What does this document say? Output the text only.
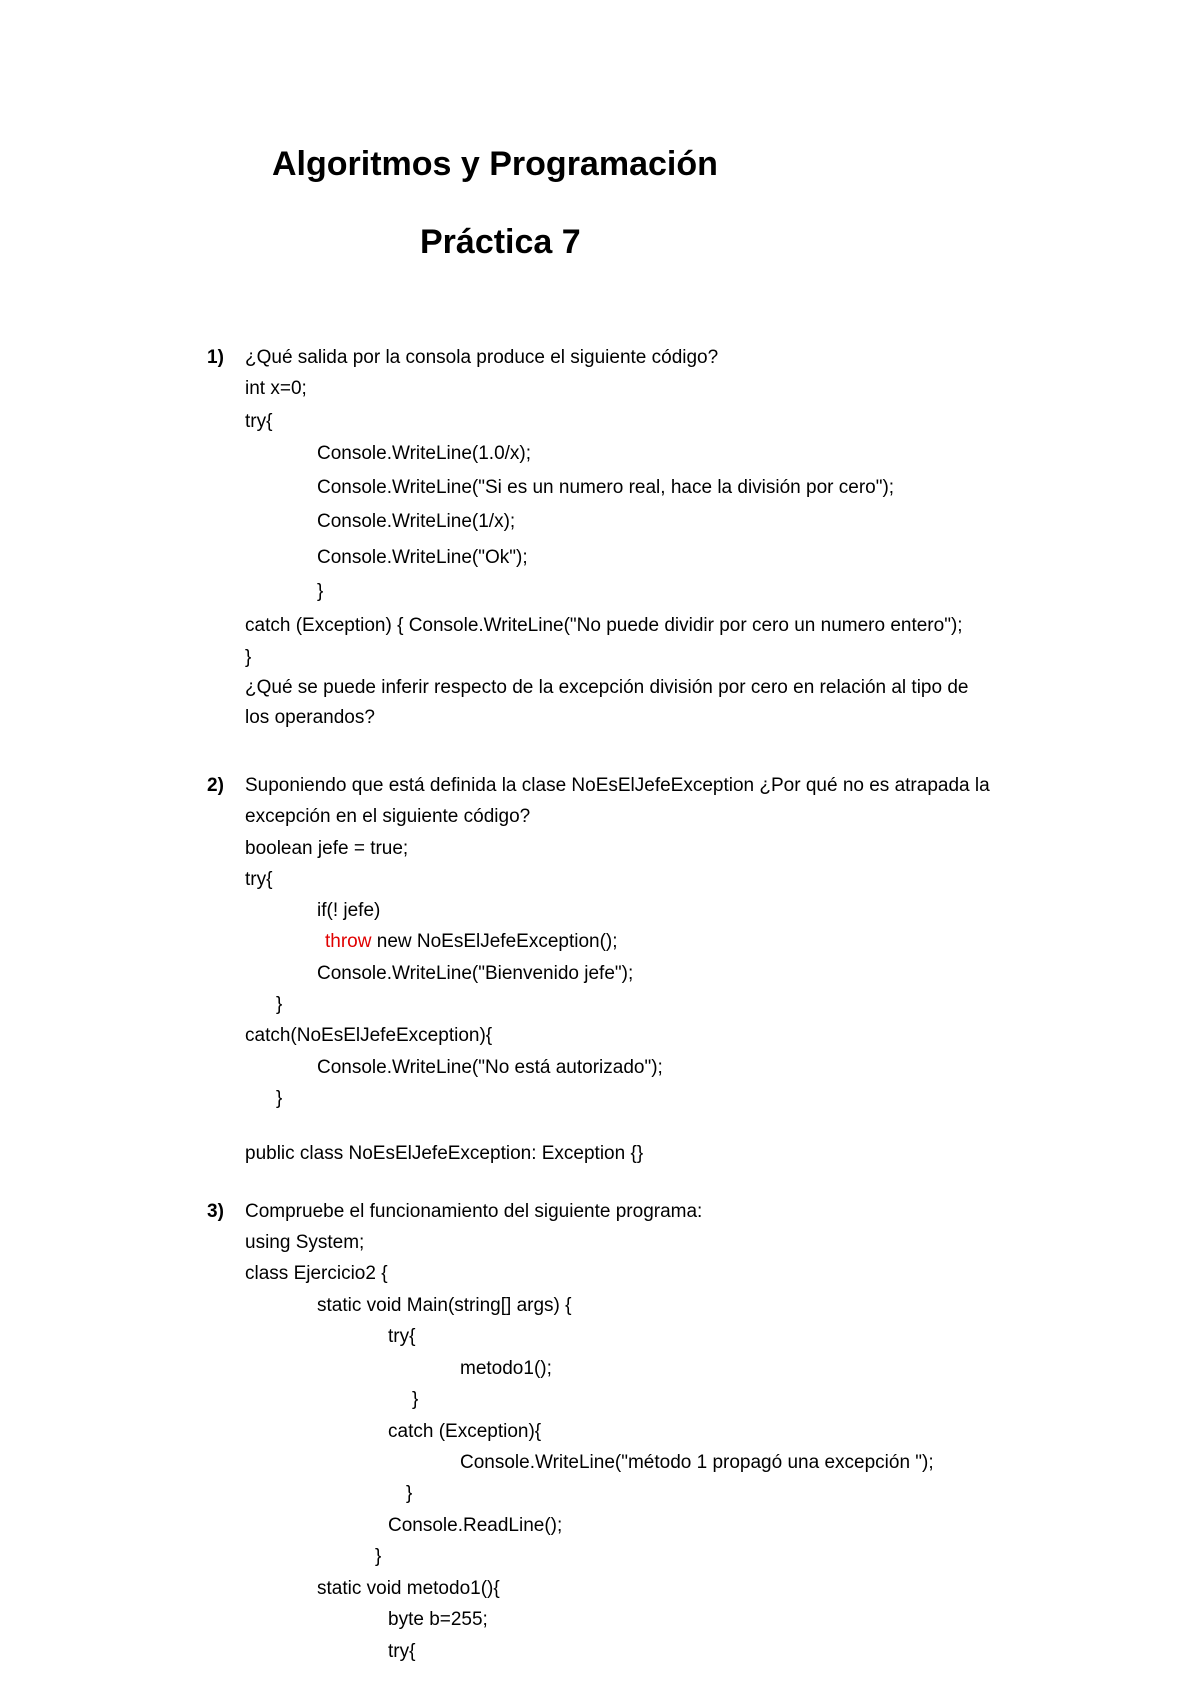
Algoritmos y Programación
Práctica 7
1) ¿Qué salida por la consola produce el siguiente código?
int x=0;
try{
Console.WriteLine(1.0/x);
Console.WriteLine("Si es un numero real, hace la división por cero");
Console.WriteLine(1/x);
Console.WriteLine("Ok");
}
catch (Exception) { Console.WriteLine("No puede dividir por cero un numero entero");
}
¿Qué se puede inferir respecto de la excepción división por cero en relación al tipo de
los operandos?
2) Suponiendo que está definida la clase NoEsElJefeException ¿Por qué no es atrapada la
excepción en el siguiente código?
boolean jefe = true;
try{
if(! jefe)
throw new NoEsElJefeException();
Console.WriteLine("Bienvenido jefe");
}
catch(NoEsElJefeException){
Console.WriteLine("No está autorizado");
}
public class NoEsElJefeException: Exception {}
3) Compruebe el funcionamiento del siguiente programa:
using System;
class Ejercicio2 {
static void Main(string[] args) {
try{
metodo1();
}
catch (Exception){
Console.WriteLine("método 1 propagó una excepción ");
}
Console.ReadLine();
}
static void metodo1(){
byte b=255;
try{
